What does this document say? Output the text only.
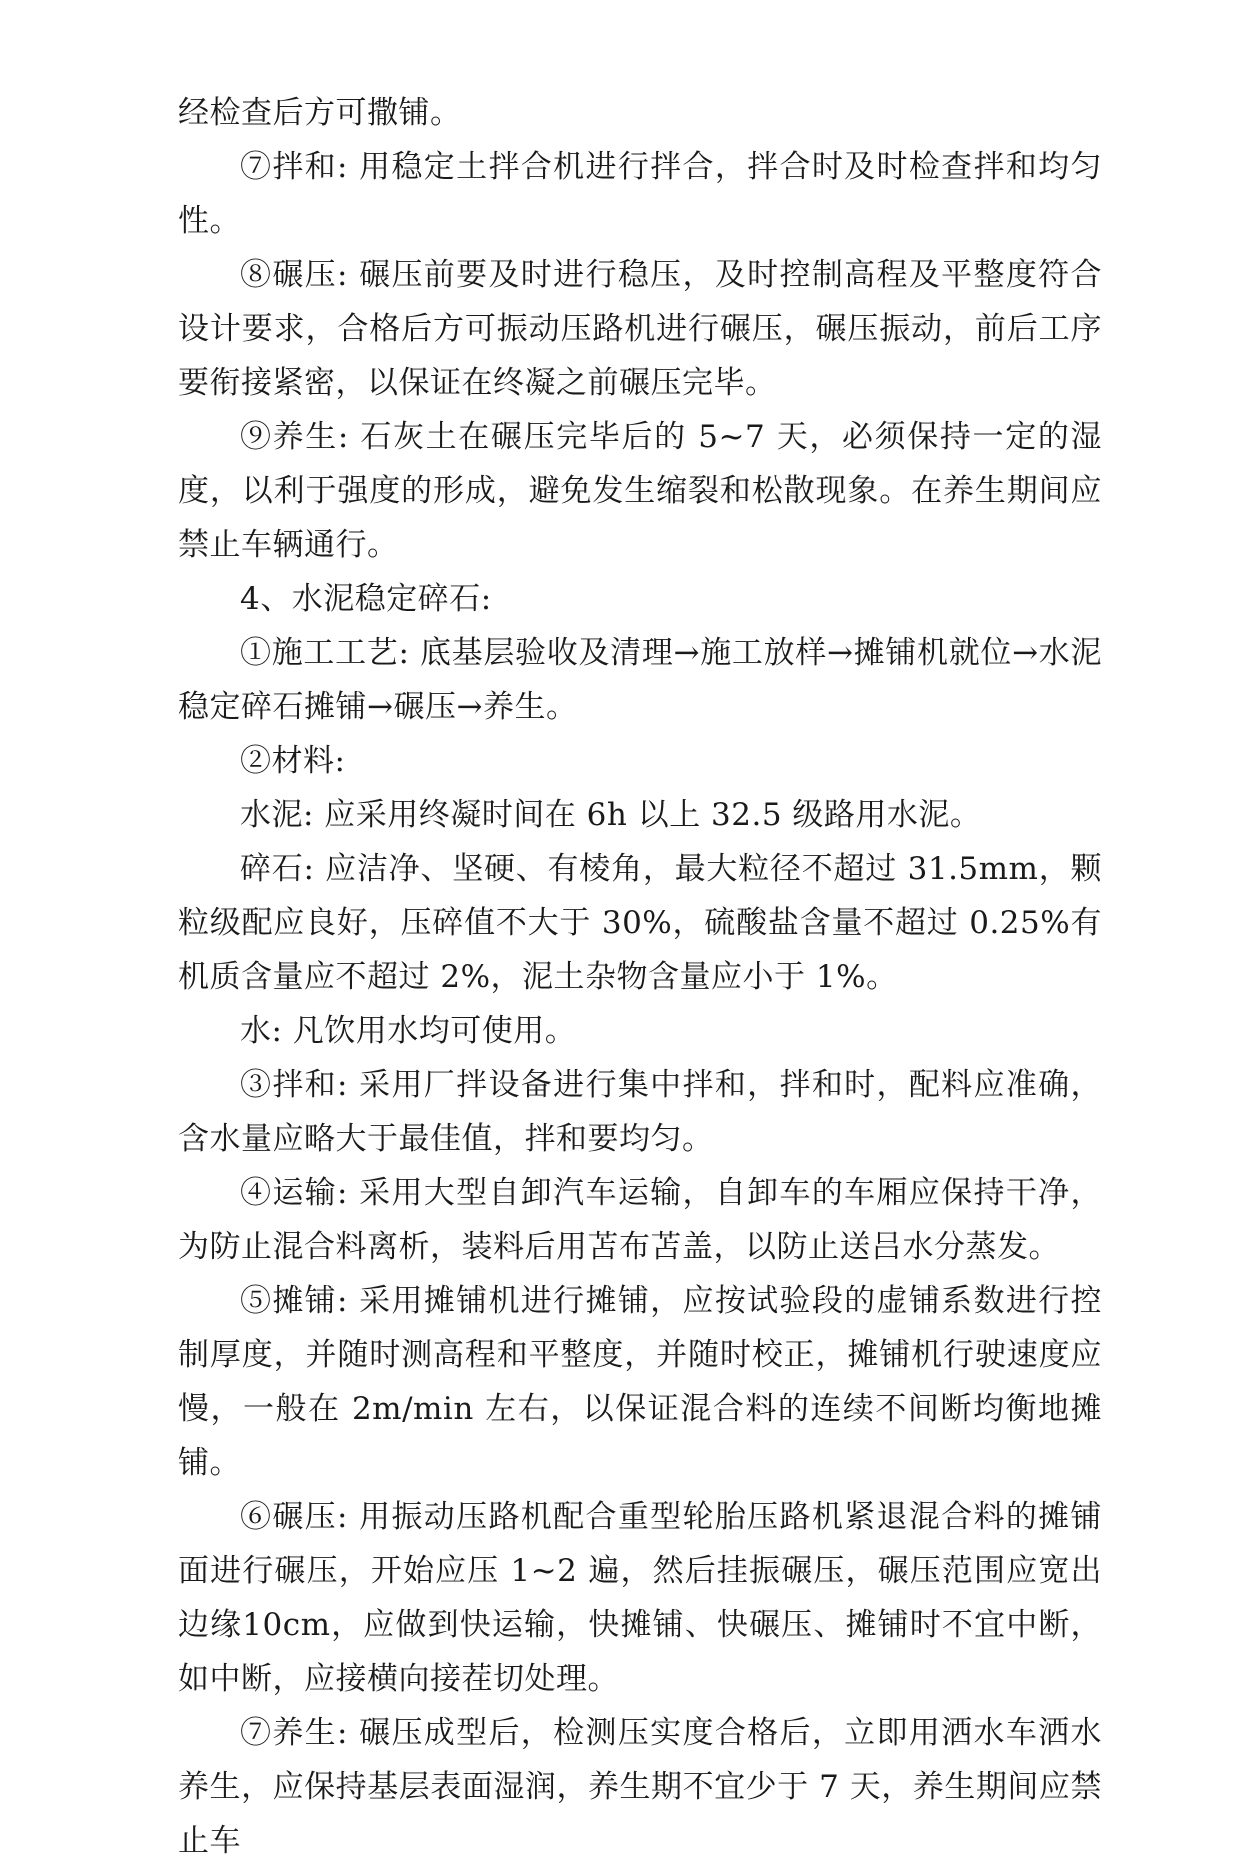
经检查后方可撒铺。

⑦拌和: 用稳定土拌合机进行拌合，拌合时及时检查拌和均匀性。

⑧碾压: 碾压前要及时进行稳压，及时控制高程及平整度符合设计要求，合格后方可振动压路机进行碾压，碾压振动，前后工序要衔接紧密，以保证在终凝之前碾压完毕。

⑨养生: 石灰土在碾压完毕后的 5~7 天，必须保持一定的湿度，以利于强度的形成，避免发生缩裂和松散现象。在养生期间应禁止车辆通行。

4、水泥稳定碎石:

①施工工艺: 底基层验收及清理→施工放样→摊铺机就位→水泥稳定碎石摊铺→碾压→养生。

②材料:

水泥: 应采用终凝时间在 6h 以上 32.5 级路用水泥。

碎石: 应洁净、坚硬、有棱角，最大粒径不超过 31.5mm，颗粒级配应良好，压碎值不大于 30%，硫酸盐含量不超过 0.25%有机质含量应不超过 2%，泥土杂物含量应小于 1%。

水: 凡饮用水均可使用。

③拌和: 采用厂拌设备进行集中拌和，拌和时，配料应准确，含水量应略大于最佳值，拌和要均匀。

④运输: 采用大型自卸汽车运输，自卸车的车厢应保持干净，为防止混合料离析，装料后用苫布苫盖，以防止送吕水分蒸发。

⑤摊铺: 采用摊铺机进行摊铺，应按试验段的虚铺系数进行控制厚度，并随时测高程和平整度，并随时校正，摊铺机行驶速度应慢，一般在 2m/min 左右，以保证混合料的连续不间断均衡地摊铺。

⑥碾压: 用振动压路机配合重型轮胎压路机紧退混合料的摊铺面进行碾压，开始应压 1~2 遍，然后挂振碾压，碾压范围应宽出边缘10cm，应做到快运输，快摊铺、快碾压、摊铺时不宜中断，如中断，应接横向接茬切处理。

⑦养生: 碾压成型后，检测压实度合格后，立即用洒水车洒水养生，应保持基层表面湿润，养生期不宜少于 7 天，养生期间应禁止车
